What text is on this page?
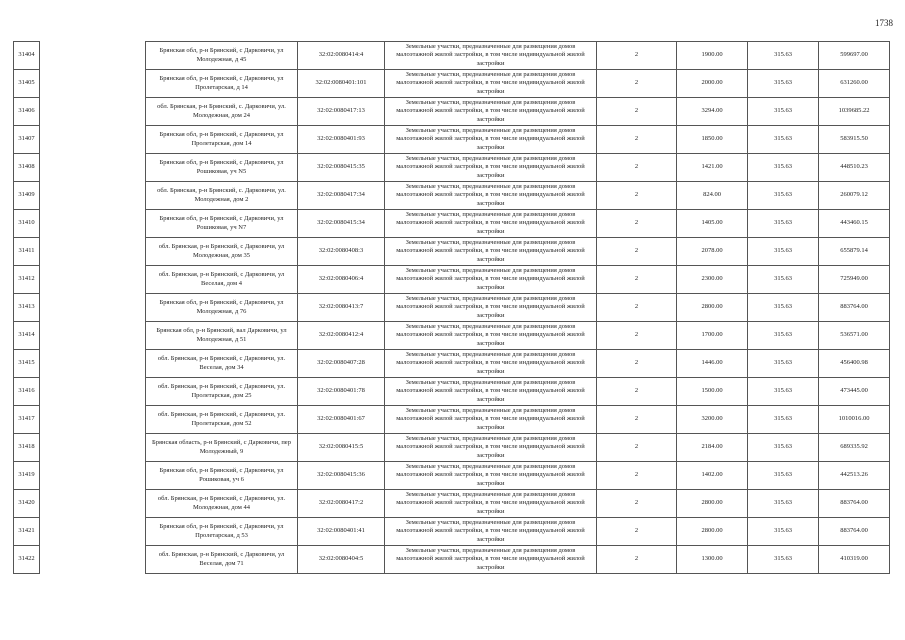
1738
31404		Брянская обл, р-н Брянский, с Дарковичи, ул Молодежная, д 45	32:02:0080414:4	Земельные участки, предназначенные для размещения домов малоэтажной жилой застройки, в том числе индивидуальной жилой застройки	2	1900.00	315.63	599697.00
31405		Брянская обл, р-н Брянский, с Дарковичи, ул Пролетарская, д 14	32:02:0080401:101	Земельные участки, предназначенные для размещения домов малоэтажной жилой застройки, в том числе индивидуальной жилой застройки	2	2000.00	315.63	631260.00
31406		обл. Брянская, р-н Брянский, с. Дарковичи, ул. Молодежная, дом 24	32:02:0080417:13	Земельные участки, предназначенные для размещения домов малоэтажной жилой застройки, в том числе индивидуальной жилой застройки	2	3294.00	315.63	1039685.22
31407		Брянская обл, р-н Брянский, с Дарковичи, ул Пролетарская, дом 14	32:02:0080401:93	Земельные участки, предназначенные для размещения домов малоэтажной жилой застройки, в том числе индивидуальной жилой застройки	2	1850.00	315.63	583915.50
31408		Брянская обл, р-н Брянский, с Дарковичи, ул Рошиковая, уч N5	32:02:0080415:35	Земельные участки, предназначенные для размещения домов малоэтажной жилой застройки, в том числе индивидуальной жилой застройки	2	1421.00	315.63	448510.23
31409		обл. Брянская, р-н Брянский, с. Дарковичи, ул. Молодежная, дом 2	32:02:0080417:34	Земельные участки, предназначенные для размещения домов малоэтажной жилой застройки, в том числе индивидуальной жилой застройки	2	824.00	315.63	260079.12
31410		Брянская обл, р-н Брянский, с Дарковичи, ул Рошиковая, уч N7	32:02:0080415:34	Земельные участки, предназначенные для размещения домов малоэтажной жилой застройки, в том числе индивидуальной жилой застройки	2	1405.00	315.63	443460.15
31411		обл. Брянская, р-н Брянский, с Дарковичи, ул Молодежная, дом 35	32:02:0080408:3	Земельные участки, предназначенные для размещения домов малоэтажной жилой застройки, в том числе индивидуальной жилой застройки	2	2078.00	315.63	655879.14
31412		обл. Брянская, р-н Брянский, с Дарковичи, ул Веселая, дом 4	32:02:0080406:4	Земельные участки, предназначенные для размещения домов малоэтажной жилой застройки, в том числе индивидуальной жилой застройки	2	2300.00	315.63	725949.00
31413		Брянская обл, р-н Брянский, с Дарковичи, ул Молодежная, д 76	32:02:0080413:7	Земельные участки, предназначенные для размещения домов малоэтажной жилой застройки, в том числе индивидуальной жилой застройки	2	2800.00	315.63	883764.00
31414		Брянская обл, р-н Брянский, вал Дарковичи, ул Молодежная, д 51	32:02:0080412:4	Земельные участки, предназначенные для размещения домов малоэтажной жилой застройки, в том числе индивидуальной жилой застройки	2	1700.00	315.63	536571.00
31415		обл. Брянская, р-н Брянский, с Дарковичи, ул. Веселая, дом 34	32:02:0080407:28	Земельные участки, предназначенные для размещения домов малоэтажной жилой застройки, в том числе индивидуальной жилой застройки	2	1446.00	315.63	456400.98
31416		обл. Брянская, р-н Брянский, с Дарковичи, ул. Пролетарская, дом 25	32:02:0080401:78	Земельные участки, предназначенные для размещения домов малоэтажной жилой застройки, в том числе индивидуальной жилой застройки	2	1500.00	315.63	473445.00
31417		обл. Брянская, р-н Брянский, с Дарковичи, ул. Пролетарская, дом 52	32:02:0080401:67	Земельные участки, предназначенные для размещения домов малоэтажной жилой застройки, в том числе индивидуальной жилой застройки	2	3200.00	315.63	1010016.00
31418		Брянская область, р-н Брянский, с Дарковичи, пер Молодежный, 9	32:02:0080415:5	Земельные участки, предназначенные для размещения домов малоэтажной жилой застройки, в том числе индивидуальной жилой застройки	2	2184.00	315.63	689335.92
31419		Брянская обл, р-н Брянский, с Дарковичи, ул Рошиковая, уч 6	32:02:0080415:36	Земельные участки, предназначенные для размещения домов малоэтажной жилой застройки, в том числе индивидуальной жилой застройки	2	1402.00	315.63	442513.26
31420		обл. Брянская, р-н Брянский, с Дарковичи, ул. Молодежная, дом 44	32:02:0080417:2	Земельные участки, предназначенные для размещения домов малоэтажной жилой застройки, в том числе индивидуальной жилой застройки	2	2800.00	315.63	883764.00
31421		Брянская обл, р-н Брянский, с Дарковичи, ул Пролетарская, д 53	32:02:0080401:41	Земельные участки, предназначенные для размещения домов малоэтажной жилой застройки, в том числе индивидуальной жилой застройки	2	2800.00	315.63	883764.00
31422		обл. Брянская, р-н Брянский, с Дарковичи, ул Веселая, дом 71	32:02:0080404:5	Земельные участки, предназначенные для размещения домов малоэтажной жилой застройки, в том числе индивидуальной жилой застройки	2	1300.00	315.63	410319.00
